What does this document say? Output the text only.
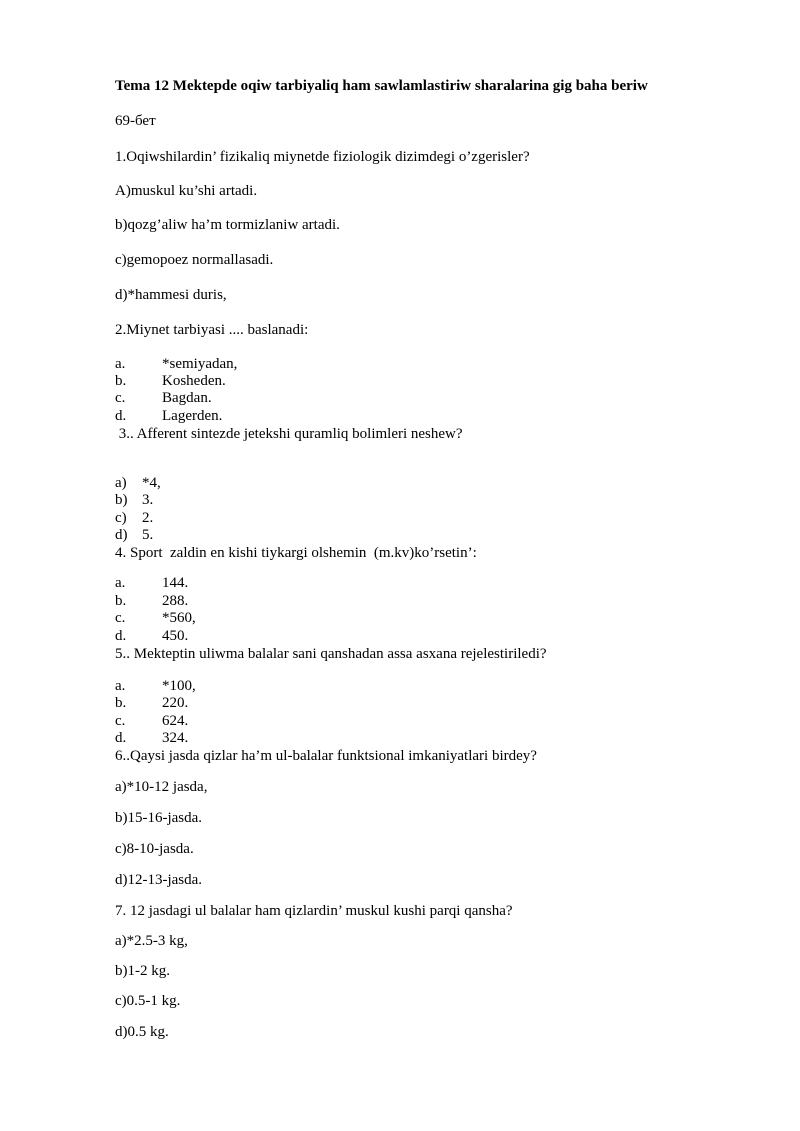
Tema 12 Mektepde oqiw tarbiyaliq ham sawlamlastiriw sharalarina gig baha beriw
69-бет
1.Oqiwshilardin’ fizikaliq miynetde fiziologik dizimdegi o’zgerisler?
A)muskul ku’shi artadi.
b)qozg’aliw ha’m tormizlaniw artadi.
c)gemopoez normallasadi.
d)*hammesi duris,
2.Miynet tarbiyasi .... baslanadi:
a. *semiyadan,
b. Kosheden.
c. Bagdan.
d. Lagerden.
3.. Afferent sintezde jetekshi quramliq bolimleri neshew?
a) *4,
b) 3.
c) 2.
d) 5.
4. Sport  zaldin en kishi tiykargi olshemin  (m.kv)ko’rsetin’:
a. 144.
b. 288.
c. *560,
d. 450.
5.. Mekteptin uliwma balalar sani qanshadan assa asxana rejelestiriledi?
a. *100,
b. 220.
c. 624.
d. 324.
6..Qaysi jasda qizlar ha’m ul-balalar funktsional imkaniyatlari birdey?
a)*10-12 jasda,
b)15-16-jasda.
c)8-10-jasda.
d)12-13-jasda.
7. 12 jasdagi ul balalar ham qizlardin’ muskul kushi parqi qansha?
a)*2.5-3 kg,
b)1-2 kg.
c)0.5-1 kg.
d)0.5 kg.
